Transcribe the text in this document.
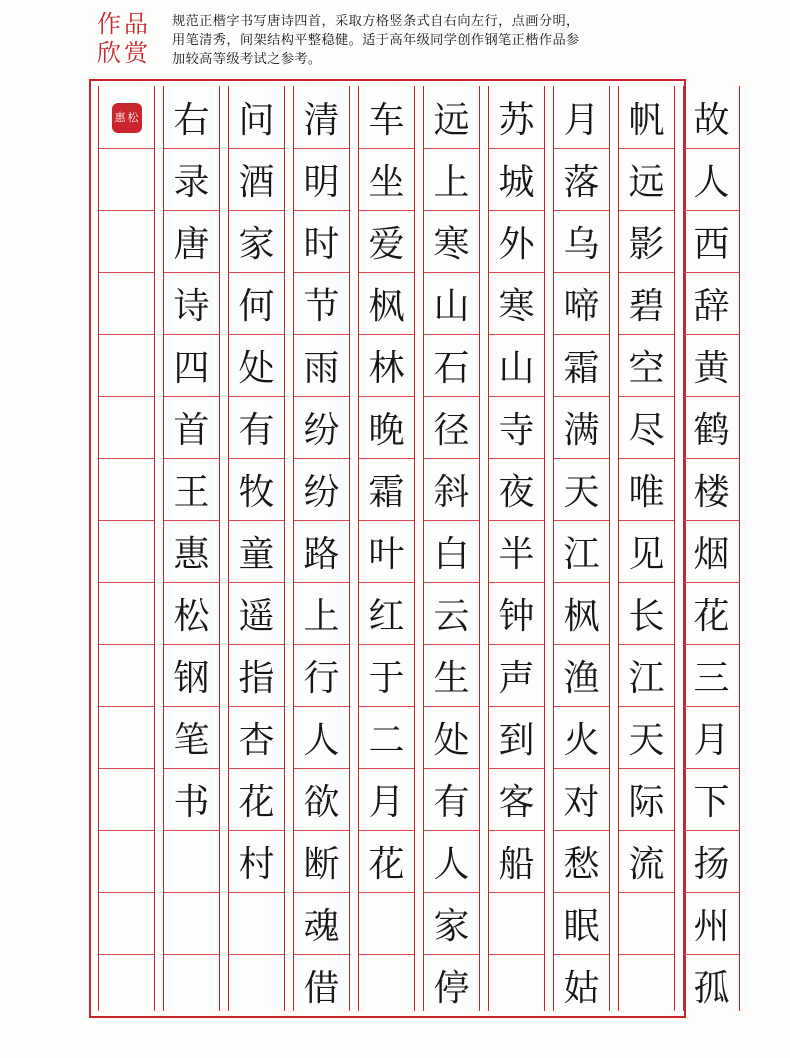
作品
欣赏
规范正楷字书写唐诗四首，采取方格竖条式自右向左行，点画分明，
用笔清秀，间架结构平整稳健。适于高年级同学创作钢笔正楷作品参
加较高等级考试之参考。
故
人
西
辞
黄
鹤
楼
烟
花
三
月
下
扬
州
孤
帆
远
影
碧
空
尽
唯
见
长
江
天
际
流
月
落
乌
啼
霜
满
天
江
枫
渔
火
对
愁
眠
姑
苏
城
外
寒
山
寺
夜
半
钟
声
到
客
船
远
上
寒
山
石
径
斜
白
云
生
处
有
人
家
停
车
坐
爱
枫
林
晚
霜
叶
红
于
二
月
花
清
明
时
节
雨
纷
纷
路
上
行
人
欲
断
魂
借
问
酒
家
何
处
有
牧
童
遥
指
杏
花
村
右
录
唐
诗
四
首
王
惠
松
钢
笔
书
惠 松
